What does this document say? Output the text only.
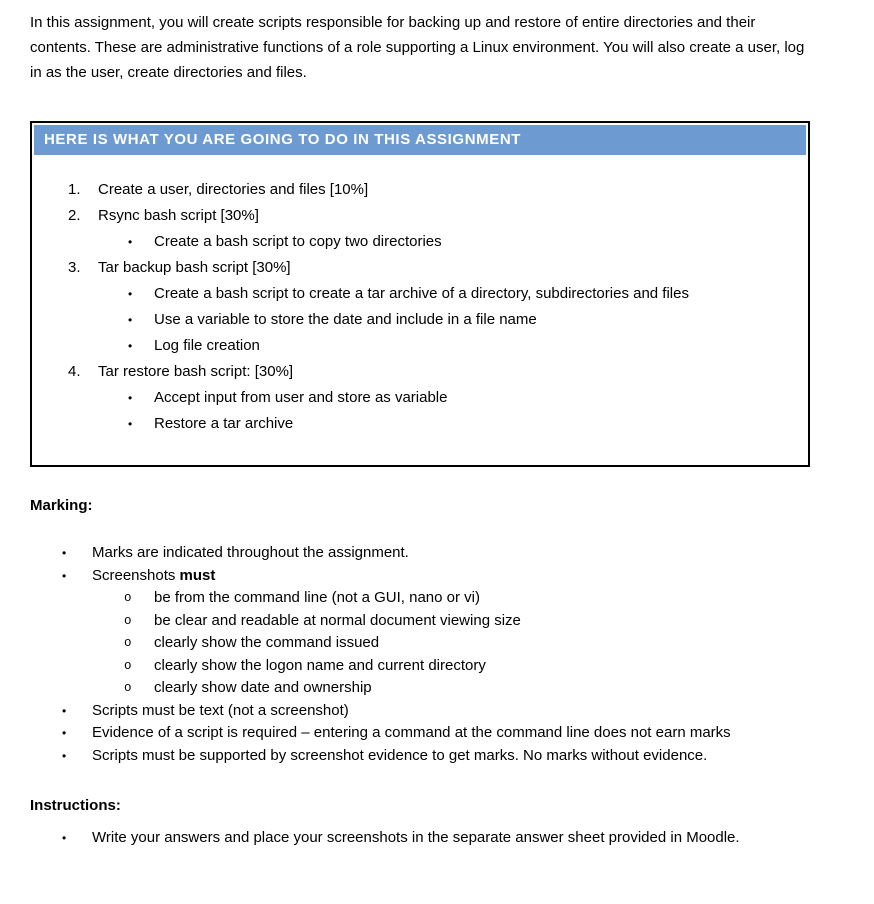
In this assignment, you will create scripts responsible for backing up and restore of entire directories and their contents. These are administrative functions of a role supporting a Linux environment. You will also create a user, log in as the user, create directories and files.

HERE IS WHAT YOU ARE GOING TO DO IN THIS ASSIGNMENT
1.	Create a user, directories and files [10%]
2.	Rsync bash script [30%]
•	Create a bash script to copy two directories
3.	Tar backup bash script [30%]
•	Create a bash script to create a tar archive of a directory, subdirectories and files
•	Use a variable to store the date and include in a file name
•	Log file creation
4.	Tar restore bash script: [30%]
•	Accept input from user and store as variable
•	Restore a tar archive
Marking:
•	Marks are indicated throughout the assignment.
•	Screenshots must
o	be from the command line (not a GUI, nano or vi)
o	be clear and readable at normal document viewing size
o	clearly show the command issued
o	clearly show the logon name and current directory
o	clearly show date and ownership
•	Scripts must be text (not a screenshot)
•	Evidence of a script is required – entering a command at the command line does not earn marks
•	Scripts must be supported by screenshot evidence to get marks. No marks without evidence.
Instructions:
•	Write your answers and place your screenshots in the separate answer sheet provided in Moodle.
